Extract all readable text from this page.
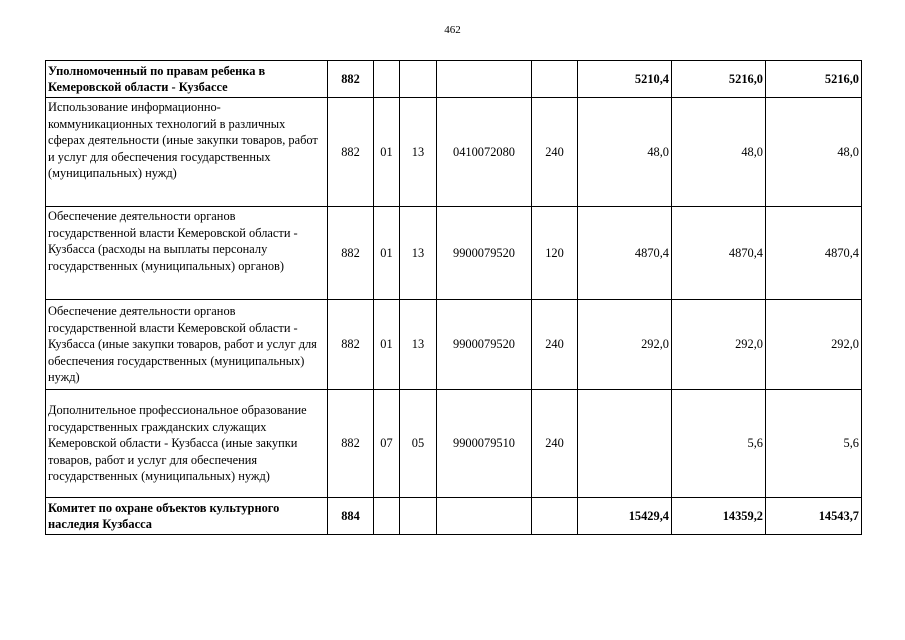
462
Уполномоченный по правам ребенка в Кемеровской области - Кузбассе	882					5210,4	5216,0	5216,0
Использование информационно-коммуникационных технологий в различных сферах деятельности (иные закупки товаров, работ и услуг для обеспечения государственных (муниципальных) нужд)	882	01	13	0410072080	240	48,0	48,0	48,0
Обеспечение деятельности органов государственной власти Кемеровской области - Кузбасса (расходы на выплаты персоналу государственных (муниципальных) органов)	882	01	13	9900079520	120	4870,4	4870,4	4870,4
Обеспечение деятельности органов государственной власти Кемеровской области - Кузбасса (иные закупки товаров, работ и услуг для обеспечения государственных (муниципальных) нужд)	882	01	13	9900079520	240	292,0	292,0	292,0
Дополнительное профессиональное образование государственных гражданских служащих Кемеровской области - Кузбасса (иные закупки товаров, работ и услуг для обеспечения государственных (муниципальных) нужд)	882	07	05	9900079510	240		5,6	5,6
Комитет по охране объектов культурного наследия Кузбасса	884					15429,4	14359,2	14543,7
